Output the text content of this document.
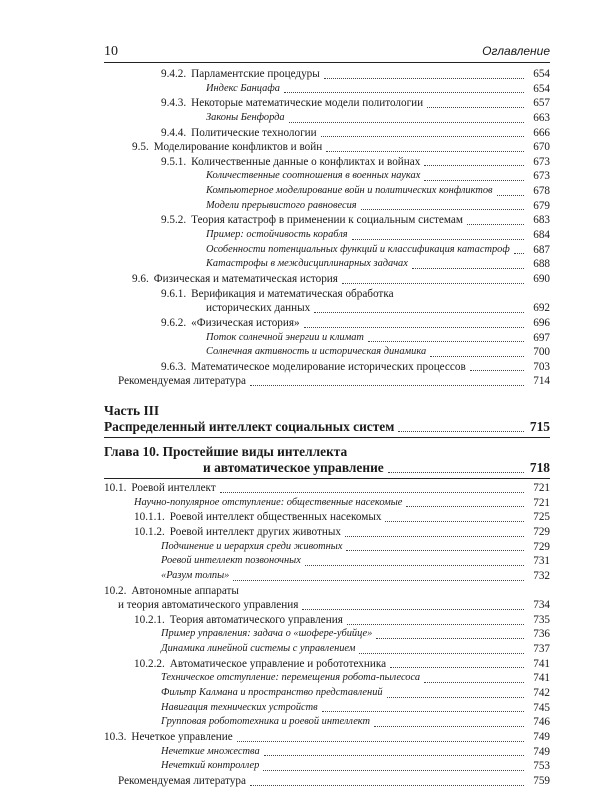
10	Оглавление
9.4.2. Парламентские процедуры	654
Индекс Банцафа	654
9.4.3. Некоторые математические модели политологии	657
Законы Бенфорда	663
9.4.4. Политические технологии	666
9.5. Моделирование конфликтов и войн	670
9.5.1. Количественные данные о конфликтах и войнах	673
Количественные соотношения в военных науках	673
Компьютерное моделирование войн и политических конфликтов	678
Модели прерывистого равновесия	679
9.5.2. Теория катастроф в применении к социальным системам	683
Пример: остойчивость корабля	684
Особенности потенциальных функций и классификация катастроф	687
Катастрофы в междисциплинарных задачах	688
9.6. Физическая и математическая история	690
9.6.1. Верификация и математическая обработка
исторических данных	692
9.6.2. «Физическая история»	696
Поток солнечной энергии и климат	697
Солнечная активность и историческая динамика	700
9.6.3. Математическое моделирование исторических процессов	703
Рекомендуемая литература	714
Часть III
Распределенный интеллект социальных систем	715
Глава 10. Простейшие виды интеллекта
и автоматическое управление	718
10.1. Роевой интеллект	721
Научно-популярное отступление: общественные насекомые	721
10.1.1. Роевой интеллект общественных насекомых	725
10.1.2. Роевой интеллект других животных	729
Подчинение и иерархия среди животных	729
Роевой интеллект позвоночных	731
«Разум толпы»	732
10.2. Автономные аппараты
и теория автоматического управления	734
10.2.1. Теория автоматического управления	735
Пример управления: задача о «шофере-убийце»	736
Динамика линейной системы с управлением	737
10.2.2. Автоматическое управление и робототехника	741
Техническое отступление: перемещения робота-пылесоса	741
Фильтр Калмана и пространство представлений	742
Навигация технических устройств	745
Групповая робототехника и роевой интеллект	746
10.3. Нечеткое управление	749
Нечеткие множества	749
Нечеткий контроллер	753
Рекомендуемая литература	759
